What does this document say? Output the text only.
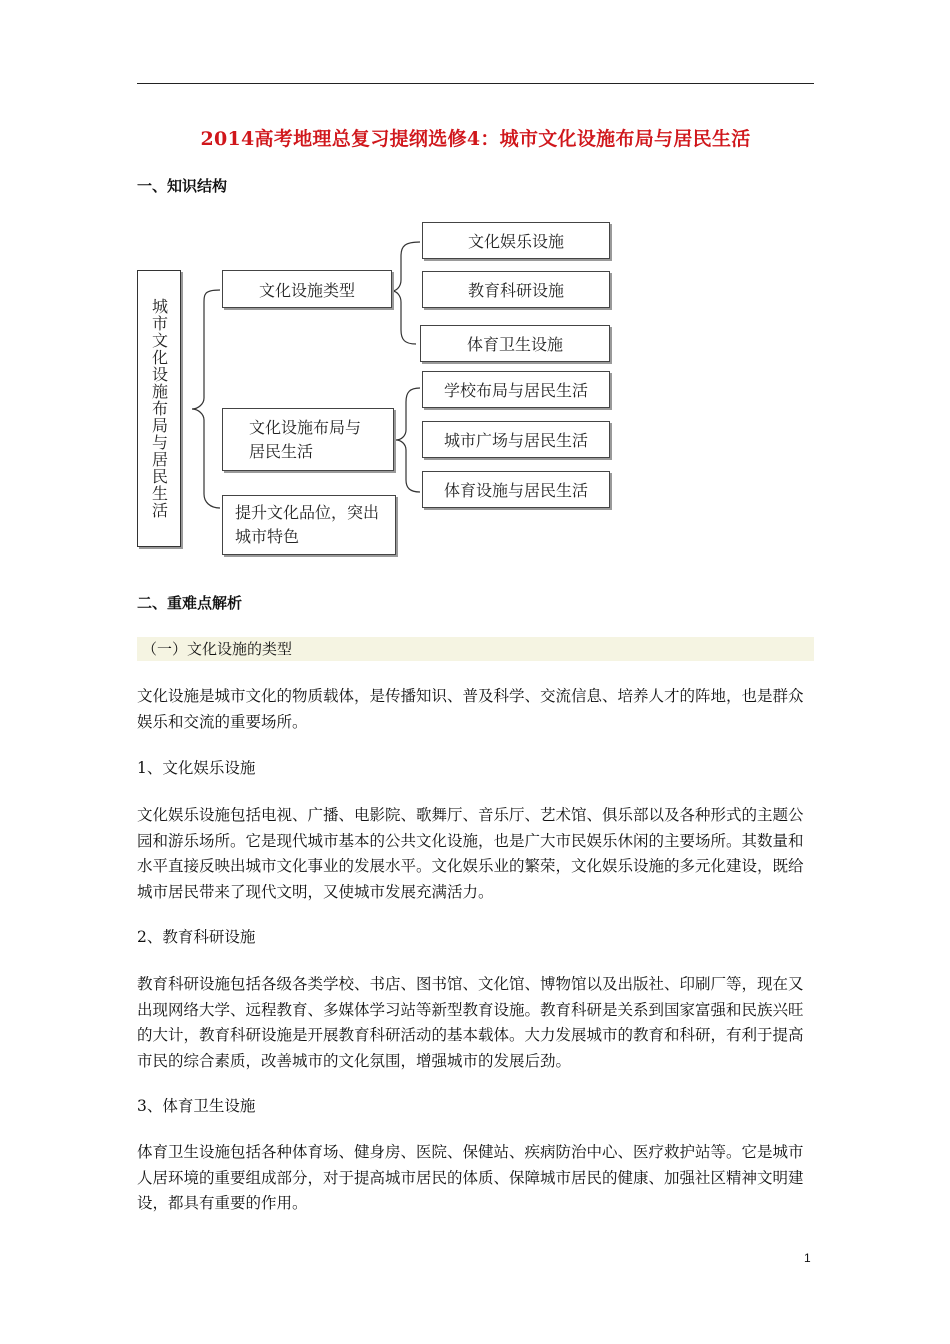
2014高考地理总复习提纲选修4：城市文化设施布局与居民生活
一、知识结构
城市文化设施布局与居民生活
文化设施类型
文化娱乐设施
教育科研设施
体育卫生设施
文化设施布局与
居民生活
学校布局与居民生活
城市广场与居民生活
体育设施与居民生活
提升文化品位，突出
城市特色
二、重难点解析
（一）文化设施的类型
文化设施是城市文化的物质载体，是传播知识、普及科学、交流信息、培养人才的阵地，也是群众娱乐和交流的重要场所。
1、文化娱乐设施
文化娱乐设施包括电视、广播、电影院、歌舞厅、音乐厅、艺术馆、俱乐部以及各种形式的主题公园和游乐场所。它是现代城市基本的公共文化设施，也是广大市民娱乐休闲的主要场所。其数量和水平直接反映出城市文化事业的发展水平。文化娱乐业的繁荣，文化娱乐设施的多元化建设，既给城市居民带来了现代文明，又使城市发展充满活力。
2、教育科研设施
教育科研设施包括各级各类学校、书店、图书馆、文化馆、博物馆以及出版社、印刷厂等，现在又出现网络大学、远程教育、多媒体学习站等新型教育设施。教育科研是关系到国家富强和民族兴旺的大计，教育科研设施是开展教育科研活动的基本载体。大力发展城市的教育和科研，有利于提高市民的综合素质，改善城市的文化氛围，增强城市的发展后劲。
3、体育卫生设施
体育卫生设施包括各种体育场、健身房、医院、保健站、疾病防治中心、医疗救护站等。它是城市人居环境的重要组成部分，对于提高城市居民的体质、保障城市居民的健康、加强社区精神文明建设，都具有重要的作用。
1
